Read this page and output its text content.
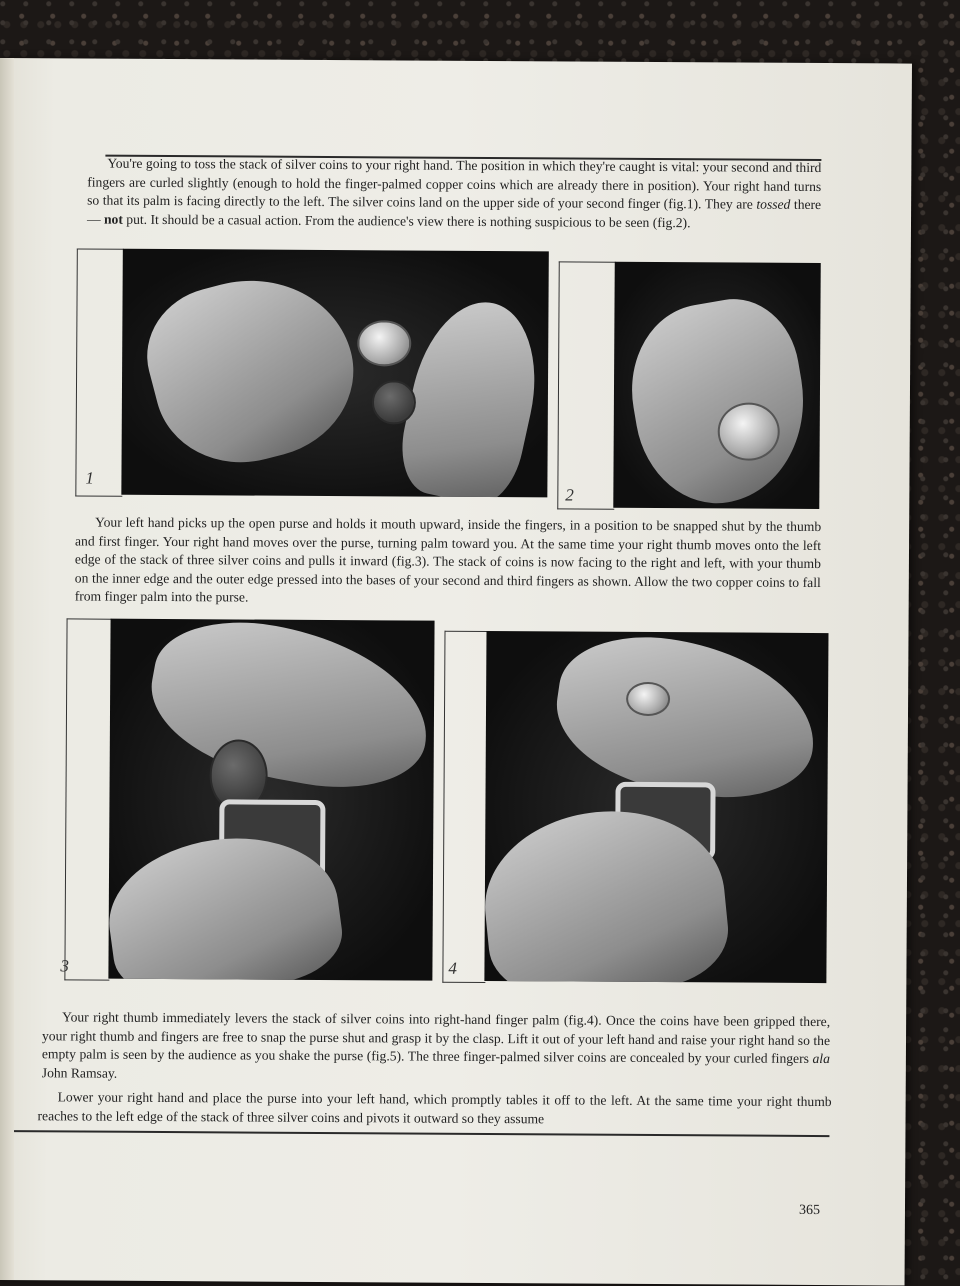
You're going to toss the stack of silver coins to your right hand. The position in which they're caught is vital: your second and third fingers are curled slightly (enough to hold the finger-palmed copper coins which are already there in position). Your right hand turns so that its palm is facing directly to the left. The silver coins land on the upper side of your second finger (fig.1). They are tossed there — not put. It should be a casual action. From the audience's view there is nothing suspicious to be seen (fig.2).

1
2

Your left hand picks up the open purse and holds it mouth upward, inside the fingers, in a position to be snapped shut by the thumb and first finger. Your right hand moves over the purse, turning palm toward you. At the same time your right thumb moves onto the left edge of the stack of three silver coins and pulls it inward (fig.3). The stack of coins is now facing to the right and left, with your thumb on the inner edge and the outer edge pressed into the bases of your second and third fingers as shown. Allow the two copper coins to fall from finger palm into the purse.

3	4

Your right thumb immediately levers the stack of silver coins into right-hand finger palm (fig.4). Once the coins have been gripped there, your right thumb and fingers are free to snap the purse shut and grasp it by the clasp. Lift it out of your left hand and raise your right hand so the empty palm is seen by the audience as you shake the purse (fig.5). The three finger-palmed silver coins are concealed by your curled fingers ala John Ramsay.

Lower your right hand and place the purse into your left hand, which promptly tables it off to the left. At the same time your right thumb reaches to the left edge of the stack of three silver coins and pivots it outward so they assume

365
